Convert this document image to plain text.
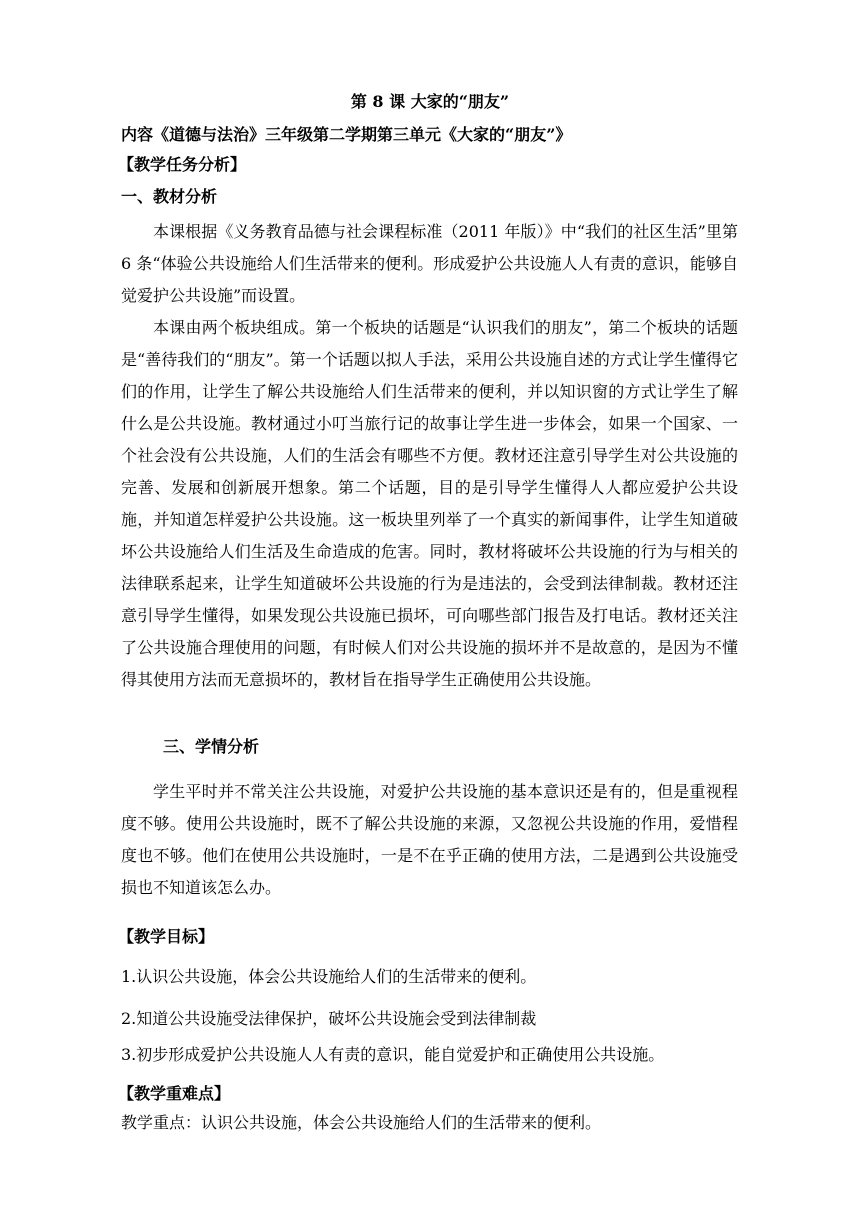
第 8 课 大家的“朋友”
内容《道德与法治》三年级第二学期第三单元《大家的“朋友”》
【教学任务分析】
一、教材分析
本课根据《义务教育品德与社会课程标准（2011 年版）》中“我们的社区生活”里第 6 条“体验公共设施给人们生活带来的便利。形成爱护公共设施人人有责的意识，能够自觉爱护公共设施”而设置。
本课由两个板块组成。第一个板块的话题是“认识我们的朋友”，第二个板块的话题是“善待我们的“朋友”。第一个话题以拟人手法，采用公共设施自述的方式让学生懂得它们的作用，让学生了解公共设施给人们生活带来的便利，并以知识窗的方式让学生了解什么是公共设施。教材通过小叮当旅行记的故事让学生进一步体会，如果一个国家、一个社会没有公共设施，人们的生活会有哪些不方便。教材还注意引导学生对公共设施的完善、发展和创新展开想象。第二个话题，目的是引导学生懂得人人都应爱护公共设施，并知道怎样爱护公共设施。这一板块里列举了一个真实的新闻事件，让学生知道破坏公共设施给人们生活及生命造成的危害。同时，教材将破坏公共设施的行为与相关的法律联系起来，让学生知道破坏公共设施的行为是违法的，会受到法律制裁。教材还注意引导学生懂得，如果发现公共设施已损坏，可向哪些部门报告及打电话。教材还关注了公共设施合理使用的问题，有时候人们对公共设施的损坏并不是故意的，是因为不懂得其使用方法而无意损坏的，教材旨在指导学生正确使用公共设施。
三、学情分析
学生平时并不常关注公共设施，对爱护公共设施的基本意识还是有的，但是重视程度不够。使用公共设施时，既不了解公共设施的来源，又忽视公共设施的作用，爱惜程度也不够。他们在使用公共设施时，一是不在乎正确的使用方法，二是遇到公共设施受损也不知道该怎么办。
【教学目标】
1.认识公共设施，体会公共设施给人们的生活带来的便利。
2.知道公共设施受法律保护，破坏公共设施会受到法律制裁
3.初步形成爱护公共设施人人有责的意识，能自觉爱护和正确使用公共设施。
【教学重难点】
教学重点：认识公共设施，体会公共设施给人们的生活带来的便利。
